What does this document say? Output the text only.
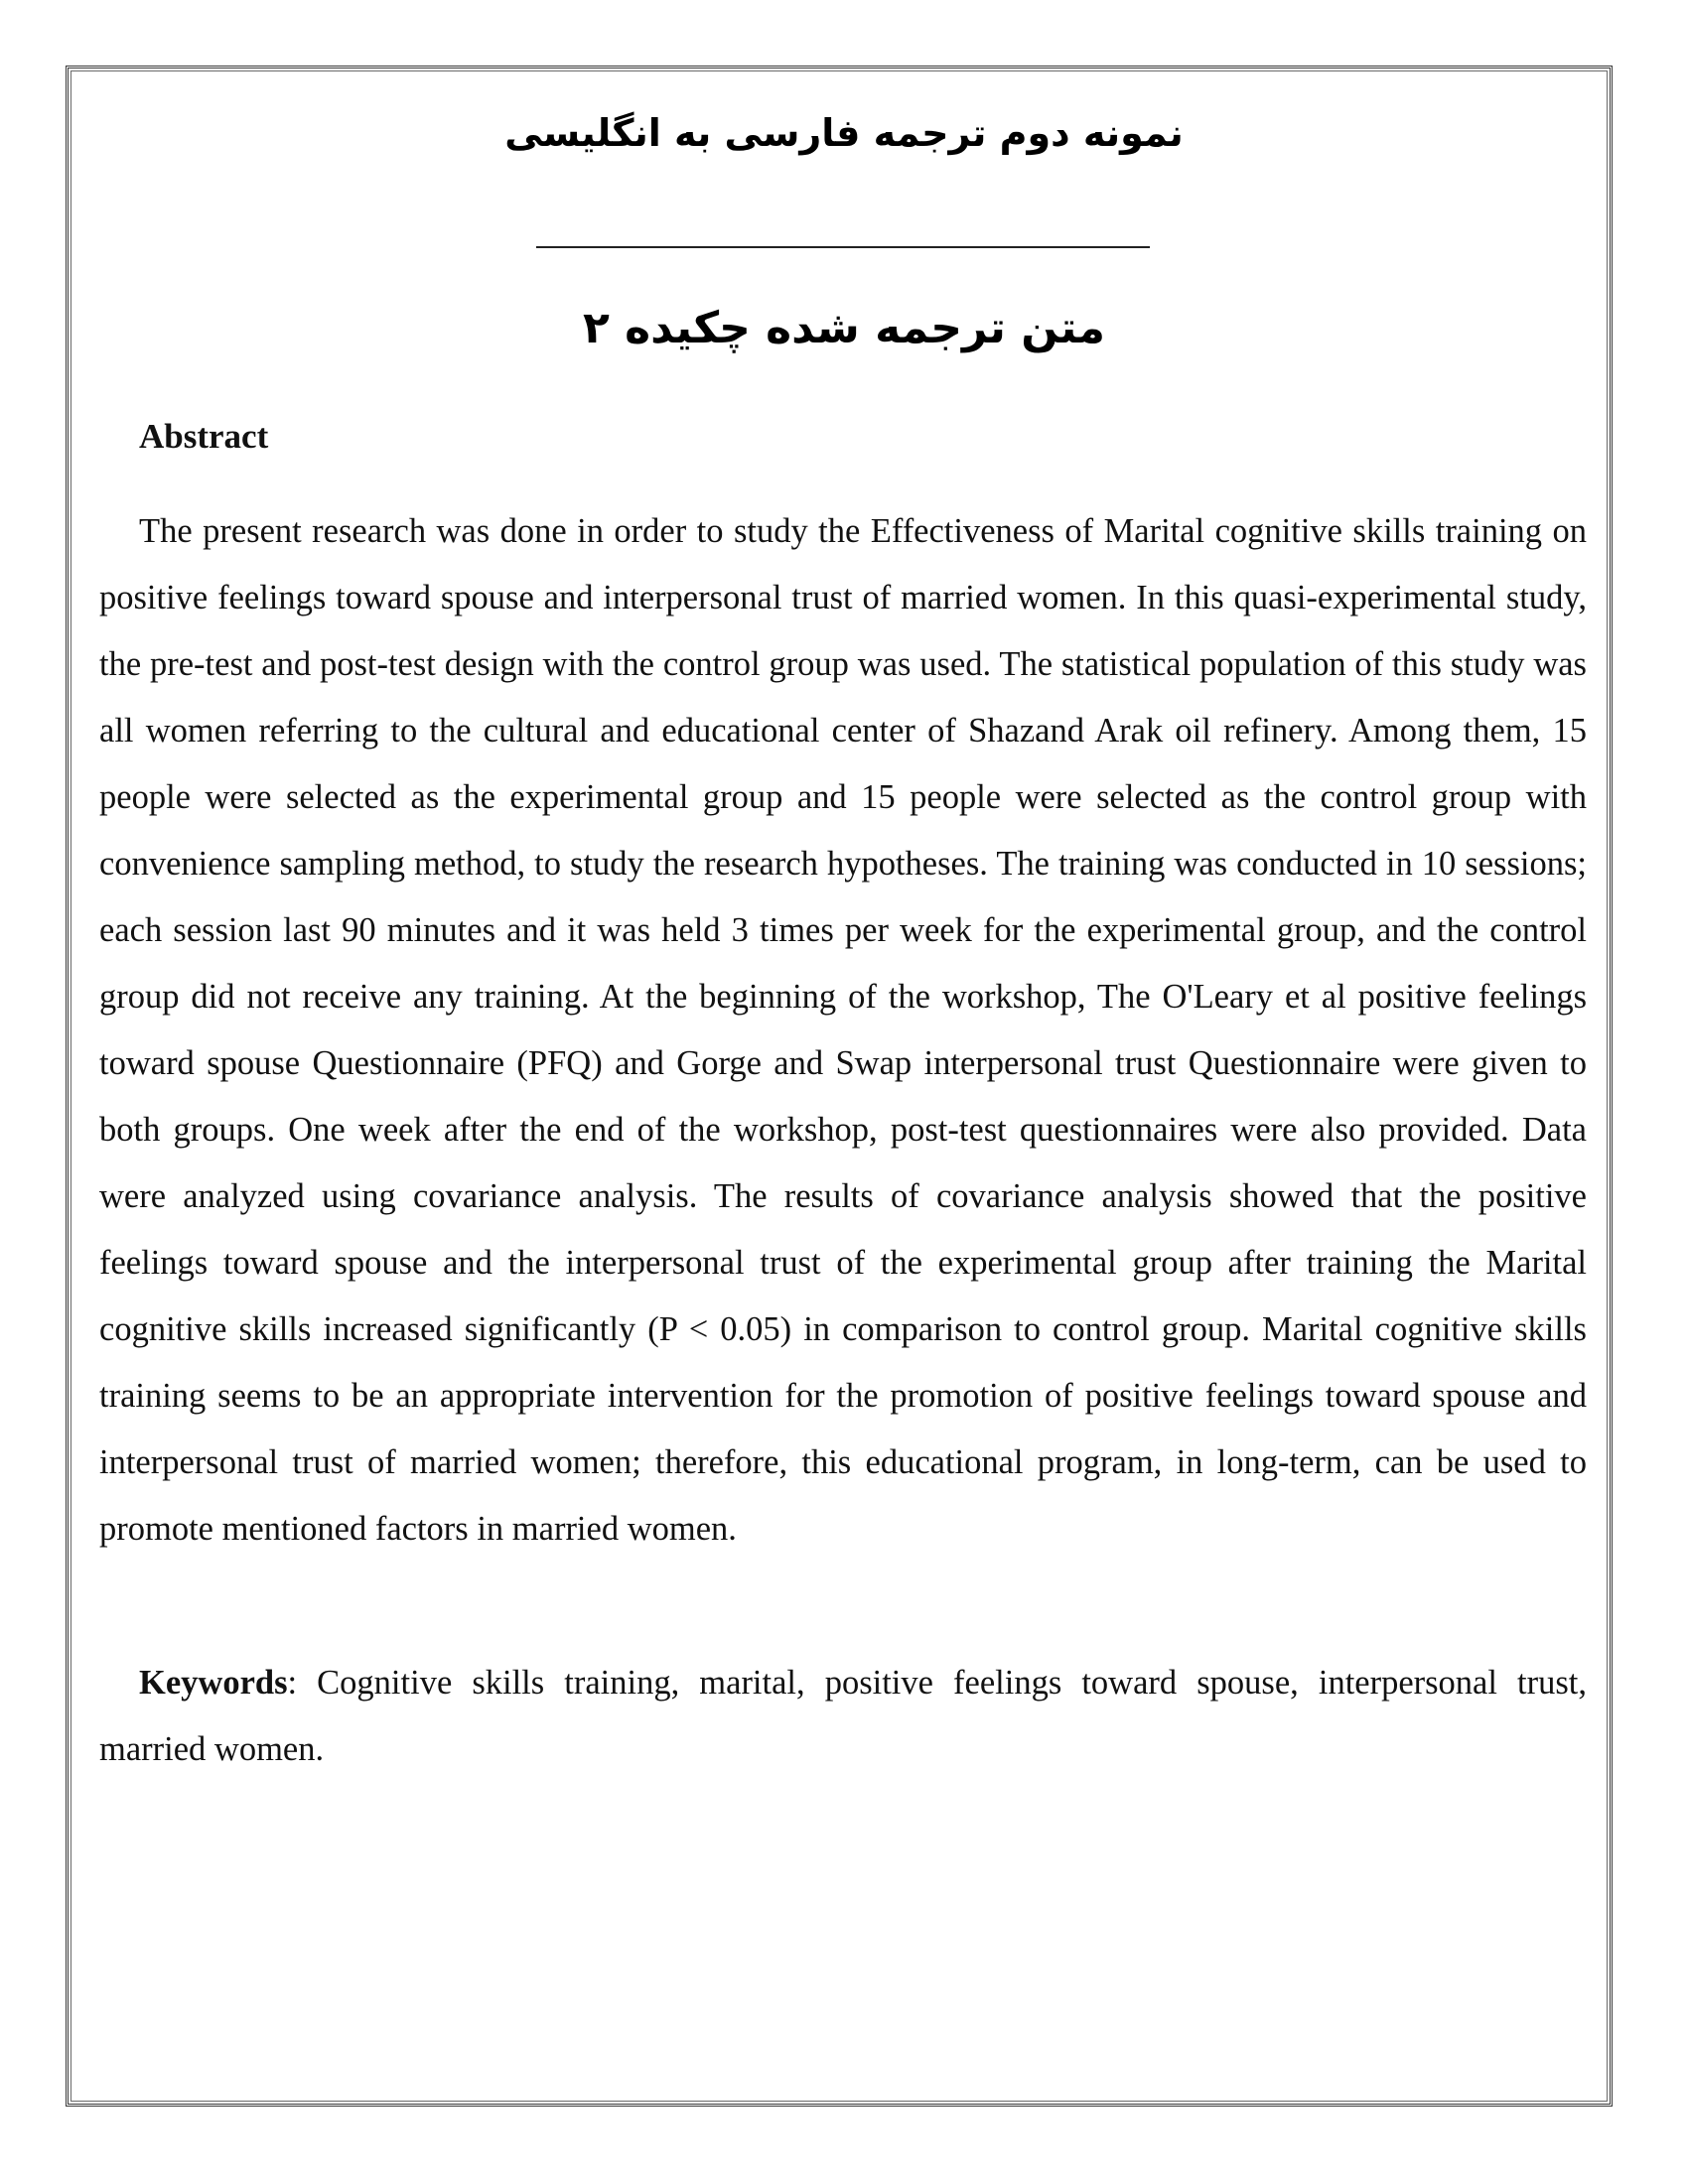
نمونه دوم ترجمه فارسی به انگلیسی
متن ترجمه شده چکیده ۲
Abstract

The present research was done in order to study the Effectiveness of Marital cognitive skills training on positive feelings toward spouse and interpersonal trust of married women. In this quasi-experimental study, the pre-test and post-test design with the control group was used. The statistical population of this study was all women referring to the cultural and educational center of Shazand Arak oil refinery. Among them, 15 people were selected as the experimental group and 15 people were selected as the control group with convenience sampling method, to study the research hypotheses. The training was conducted in 10 sessions; each session last 90 minutes and it was held 3 times per week for the experimental group, and the control group did not receive any training. At the beginning of the workshop, The O'Leary et al positive feelings toward spouse Questionnaire (PFQ) and Gorge and Swap interpersonal trust Questionnaire were given to both groups. One week after the end of the workshop, post-test questionnaires were also provided. Data were analyzed using covariance analysis. The results of covariance analysis showed that the positive feelings toward spouse and the interpersonal trust of the experimental group after training the Marital cognitive skills increased significantly (P < 0.05) in comparison to control group. Marital cognitive skills training seems to be an appropriate intervention for the promotion of positive feelings toward spouse and interpersonal trust of married women; therefore, this educational program, in long-term, can be used to promote mentioned factors in married women.

Keywords: Cognitive skills training, marital, positive feelings toward spouse, interpersonal trust, married women.
